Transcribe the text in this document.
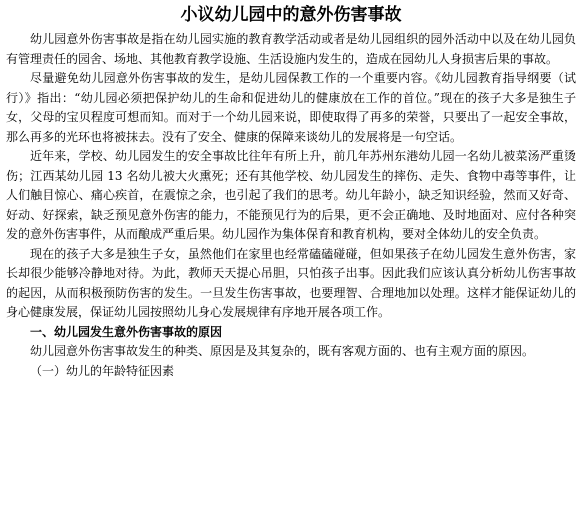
小议幼儿园中的意外伤害事故

幼儿园意外伤害事故是指在幼儿园实施的教育教学活动或者是幼儿园组织的园外活动中以及在幼儿园负有管理责任的园舍、场地、其他教育教学设施、生活设施内发生的，造成在园幼儿人身损害后果的事故。

尽量避免幼儿园意外伤害事故的发生，是幼儿园保教工作的一个重要内容。《幼儿园教育指导纲要（试行）》指出：“幼儿园必须把保护幼儿的生命和促进幼儿的健康放在工作的首位。”现在的孩子大多是独生子女，父母的宝贝程度可想而知。而对于一个幼儿园来说，即使取得了再多的荣誉，只要出了一起安全事故，那么再多的光环也将被抹去。没有了安全、健康的保障来谈幼儿的发展将是一句空话。

近年来，学校、幼儿园发生的安全事故比往年有所上升，前几年苏州东港幼儿园一名幼儿被菜汤严重烫伤；江西某幼儿园 13 名幼儿被大火熏死；还有其他学校、幼儿园发生的摔伤、走失、食物中毒等事件，让人们触目惊心、痛心疾首，在震惊之余，也引起了我们的思考。幼儿年龄小，缺乏知识经验，然而又好奇、好动、好探索，缺乏预见意外伤害的能力，不能预见行为的后果，更不会正确地、及时地面对、应付各种突发的意外伤害事件，从而酿成严重后果。幼儿园作为集体保育和教育机构，要对全体幼儿的安全负责。

现在的孩子大多是独生子女，虽然他们在家里也经常磕磕碰碰，但如果孩子在幼儿园发生意外伤害，家长却很少能够冷静地对待。为此，教师天天提心吊胆，只怕孩子出事。因此我们应该认真分析幼儿伤害事故的起因，从而积极预防伤害的发生。一旦发生伤害事故，也要理智、合理地加以处理。这样才能保证幼儿的身心健康发展，保证幼儿园按照幼儿身心发展规律有序地开展各项工作。

一、幼儿园发生意外伤害事故的原因

幼儿园意外伤害事故发生的种类、原因是及其复杂的，既有客观方面的、也有主观方面的原因。

（一）幼儿的年龄特征因素
